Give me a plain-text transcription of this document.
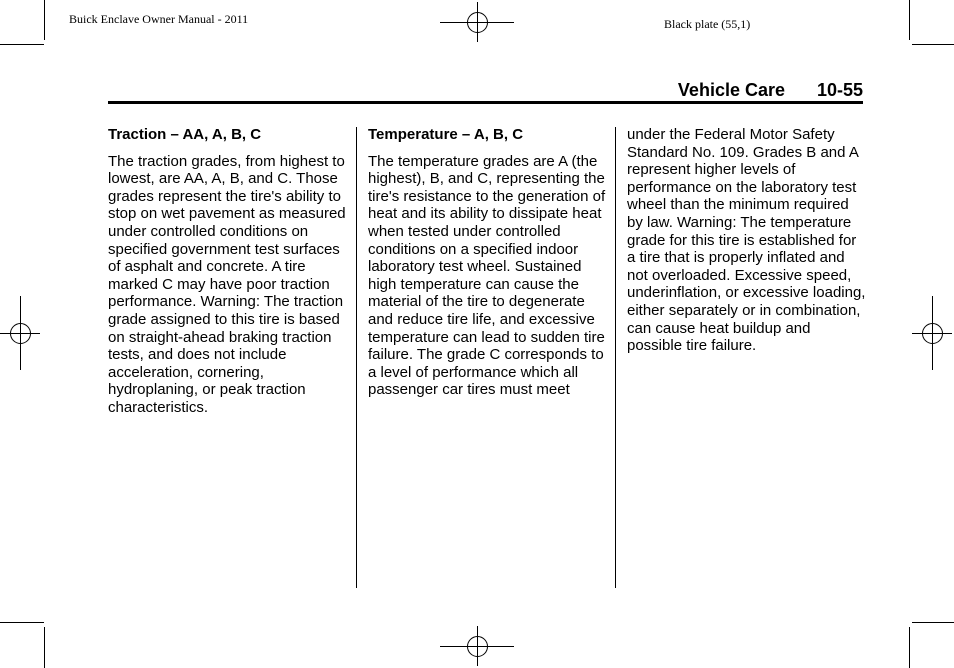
Buick Enclave Owner Manual - 2011	Black plate (55,1)
Vehicle Care 10-55
Traction – AA, A, B, C

The traction grades, from highest to lowest, are AA, A, B, and C. Those grades represent the tire's ability to stop on wet pavement as measured under controlled conditions on specified government test surfaces of asphalt and concrete. A tire marked C may have poor traction performance. Warning: The traction grade assigned to this tire is based on straight-ahead braking traction tests, and does not include acceleration, cornering, hydroplaning, or peak traction characteristics.

Temperature – A, B, C

The temperature grades are A (the highest), B, and C, representing the tire's resistance to the generation of heat and its ability to dissipate heat when tested under controlled conditions on a specified indoor laboratory test wheel. Sustained high temperature can cause the material of the tire to degenerate and reduce tire life, and excessive temperature can lead to sudden tire failure. The grade C corresponds to a level of performance which all passenger car tires must meet

under the Federal Motor Safety Standard No. 109. Grades B and A represent higher levels of performance on the laboratory test wheel than the minimum required by law. Warning: The temperature grade for this tire is established for a tire that is properly inflated and not overloaded. Excessive speed, underinflation, or excessive loading, either separately or in combination, can cause heat buildup and possible tire failure.
